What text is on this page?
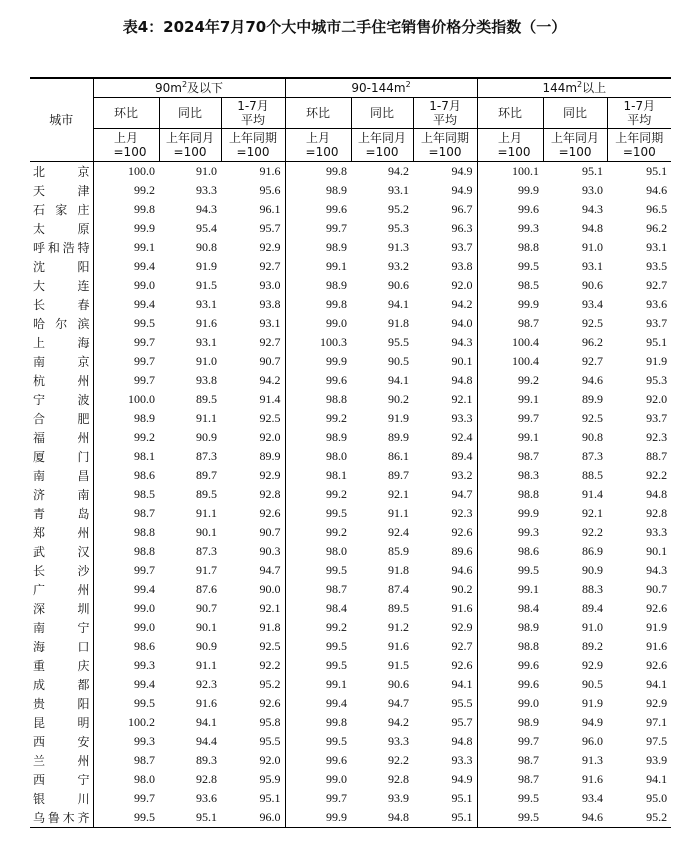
表4：2024年7月70个大中城市二手住宅销售价格分类指数（一）
城市	$90m^2$及以下			$90-144m^2$			$144m^2$以上		
	环比	同比	1-7月平均	环比	同比	1-7月平均	环比	同比	1-7月平均
	上月=100	上年同月=100	上年同期=100	上月=100	上年同月=100	上年同期=100	上月=100	上年同月=100	上年同期=100
北京	100.0	91.0	91.6	99.8	94.2	94.9	100.1	95.1	95.1
天津	99.2	93.3	95.6	98.9	93.1	94.9	99.9	93.0	94.6
石家庄	99.8	94.3	96.1	99.6	95.2	96.7	99.6	94.3	96.5
太原	99.9	95.4	95.7	99.7	95.3	96.3	99.3	94.8	96.2
呼和浩特	99.1	90.8	92.9	98.9	91.3	93.7	98.8	91.0	93.1
沈阳	99.4	91.9	92.7	99.1	93.2	93.8	99.5	93.1	93.5
大连	99.0	91.5	93.0	98.9	90.6	92.0	98.5	90.6	92.7
长春	99.4	93.1	93.8	99.8	94.1	94.2	99.9	93.4	93.6
哈尔滨	99.5	91.6	93.1	99.0	91.8	94.0	98.7	92.5	93.7
上海	99.7	93.1	92.7	100.3	95.5	94.3	100.4	96.2	95.1
南京	99.7	91.0	90.7	99.9	90.5	90.1	100.4	92.7	91.9
杭州	99.7	93.8	94.2	99.6	94.1	94.8	99.2	94.6	95.3
宁波	100.0	89.5	91.4	98.8	90.2	92.1	99.1	89.9	92.0
合肥	98.9	91.1	92.5	99.2	91.9	93.3	99.7	92.5	93.7
福州	99.2	90.9	92.0	98.9	89.9	92.4	99.1	90.8	92.3
厦门	98.1	87.3	89.9	98.0	86.1	89.4	98.7	87.3	88.7
南昌	98.6	89.7	92.9	98.1	89.7	93.2	98.3	88.5	92.2
济南	98.5	89.5	92.8	99.2	92.1	94.7	98.8	91.4	94.8
青岛	98.7	91.1	92.6	99.5	91.1	92.3	99.9	92.1	92.8
郑州	98.8	90.1	90.7	99.2	92.4	92.6	99.3	92.2	93.3
武汉	98.8	87.3	90.3	98.0	85.9	89.6	98.6	86.9	90.1
长沙	99.7	91.7	94.7	99.5	91.8	94.6	99.5	90.9	94.3
广州	99.4	87.6	90.0	98.7	87.4	90.2	99.1	88.3	90.7
深圳	99.0	90.7	92.1	98.4	89.5	91.6	98.4	89.4	92.6
南宁	99.0	90.1	91.8	99.2	91.2	92.9	98.9	91.0	91.9
海口	98.6	90.9	92.5	99.5	91.6	92.7	98.8	89.2	91.6
重庆	99.3	91.1	92.2	99.5	91.5	92.6	99.6	92.9	92.6
成都	99.4	92.3	95.2	99.1	90.6	94.1	99.6	90.5	94.1
贵阳	99.5	91.6	92.6	99.4	94.7	95.5	99.0	91.9	92.9
昆明	100.2	94.1	95.8	99.8	94.2	95.7	98.9	94.9	97.1
西安	99.3	94.4	95.5	99.5	93.3	94.8	99.7	96.0	97.5
兰州	98.7	89.3	92.0	99.6	92.2	93.3	98.7	91.3	93.9
西宁	98.0	92.8	95.9	99.0	92.8	94.9	98.7	91.6	94.1
银川	99.7	93.6	95.1	99.7	93.9	95.1	99.5	93.4	95.0
乌鲁木齐	99.5	95.1	96.0	99.9	94.8	95.1	99.5	94.6	95.2
